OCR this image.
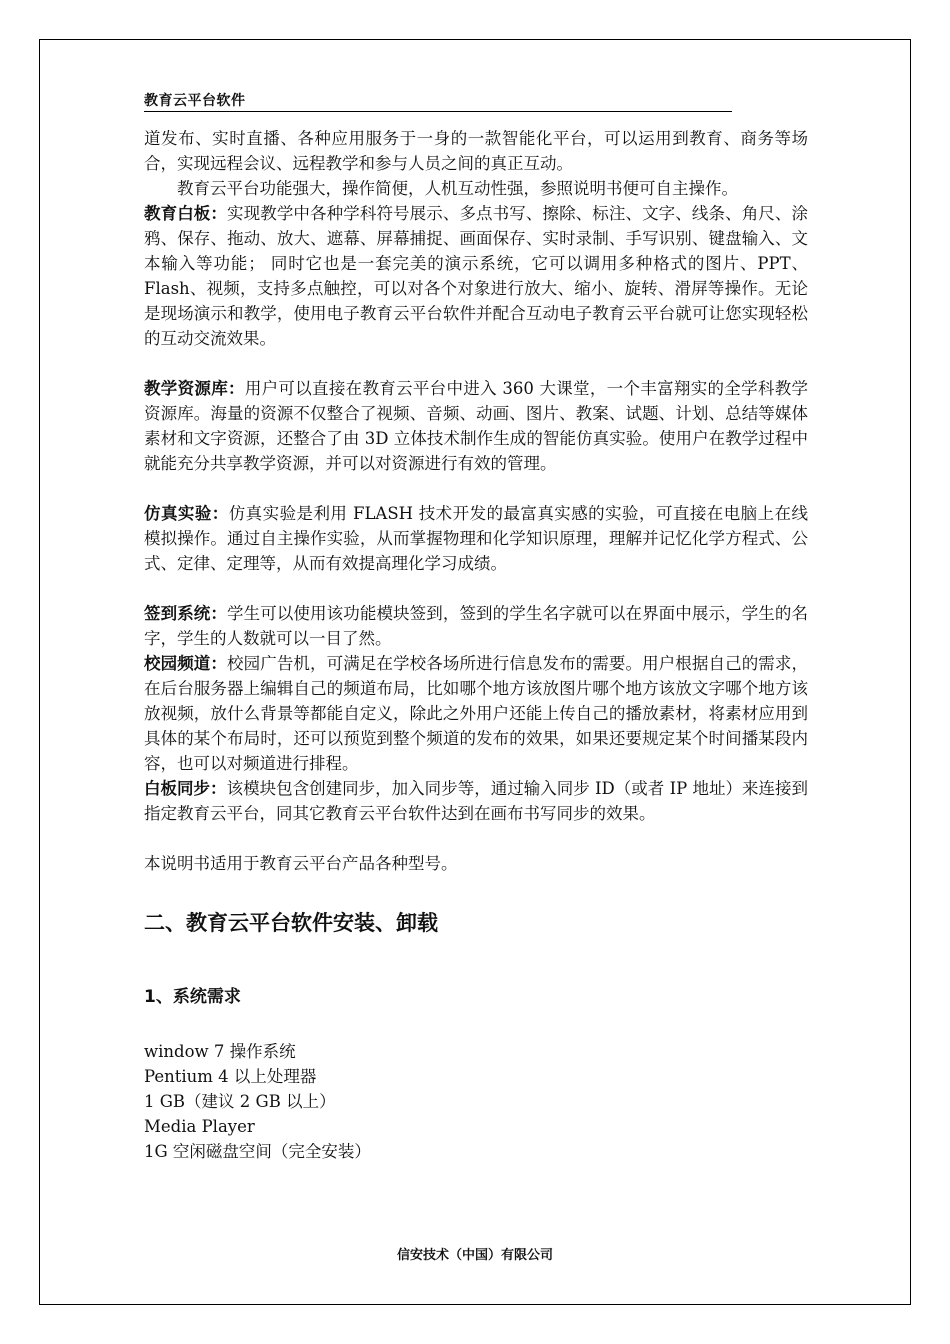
教育云平台软件

道发布、实时直播、各种应用服务于一身的一款智能化平台，可以运用到教育、商务等场合，实现远程会议、远程教学和参与人员之间的真正互动。

教育云平台功能强大，操作简便，人机互动性强，参照说明书便可自主操作。

教育白板：实现教学中各种学科符号展示、多点书写、擦除、标注、文字、线条、角尺、涂鸦、保存、拖动、放大、遮幕、屏幕捕捉、画面保存、实时录制、手写识别、键盘输入、文本输入等功能； 同时它也是一套完美的演示系统，它可以调用多种格式的图片、PPT、Flash、视频，支持多点触控，可以对各个对象进行放大、缩小、旋转、滑屏等操作。无论是现场演示和教学，使用电子教育云平台软件并配合互动电子教育云平台就可让您实现轻松的互动交流效果。

教学资源库：用户可以直接在教育云平台中进入 360 大课堂，一个丰富翔实的全学科教学资源库。海量的资源不仅整合了视频、音频、动画、图片、教案、试题、计划、总结等媒体素材和文字资源，还整合了由 3D 立体技术制作生成的智能仿真实验。使用户在教学过程中就能充分共享教学资源，并可以对资源进行有效的管理。

仿真实验：仿真实验是利用 FLASH 技术开发的最富真实感的实验，可直接在电脑上在线模拟操作。通过自主操作实验，从而掌握物理和化学知识原理，理解并记忆化学方程式、公式、定律、定理等，从而有效提高理化学习成绩。

签到系统：学生可以使用该功能模块签到，签到的学生名字就可以在界面中展示，学生的名字，学生的人数就可以一目了然。

校园频道：校园广告机，可满足在学校各场所进行信息发布的需要。用户根据自己的需求，在后台服务器上编辑自己的频道布局，比如哪个地方该放图片哪个地方该放文字哪个地方该放视频，放什么背景等都能自定义，除此之外用户还能上传自己的播放素材，将素材应用到具体的某个布局时，还可以预览到整个频道的发布的效果，如果还要规定某个时间播某段内容，也可以对频道进行排程。

白板同步：该模块包含创建同步，加入同步等，通过输入同步 ID（或者 IP 地址）来连接到指定教育云平台，同其它教育云平台软件达到在画布书写同步的效果。

本说明书适用于教育云平台产品各种型号。

二、教育云平台软件安装、卸载
1、系统需求
window 7 操作系统
Pentium 4 以上处理器
1 GB（建议 2 GB 以上）
Media Player
1G 空闲磁盘空间（完全安装）
信安技术（中国）有限公司
